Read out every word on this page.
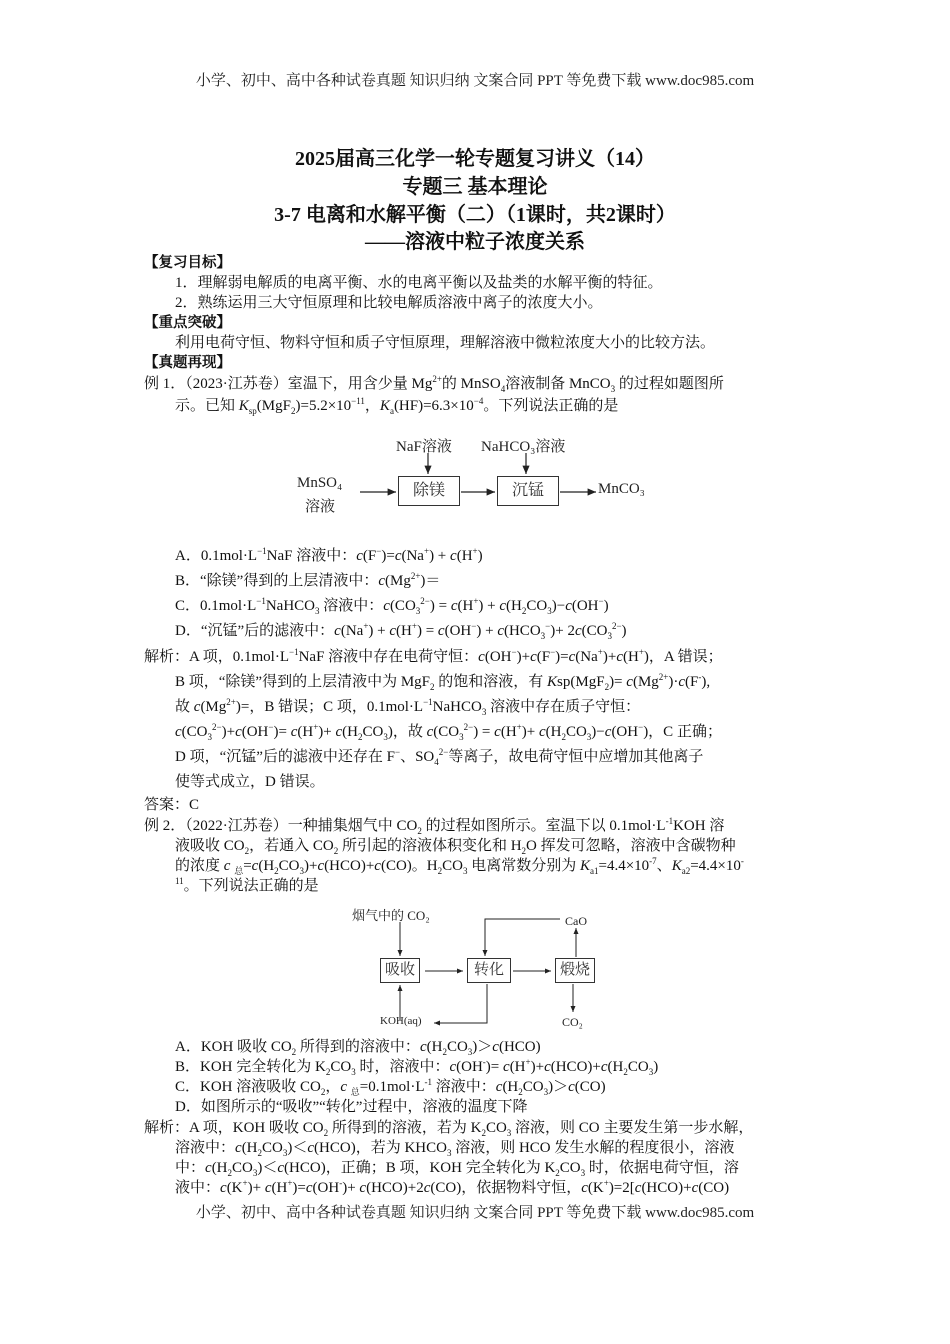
小学、初中、高中各种试卷真题 知识归纳 文案合同 PPT 等免费下载 www.doc985.com
2025届高三化学一轮专题复习讲义（14）
专题三 基本理论
3-7 电离和水解平衡（二）（1课时，共2课时）
——溶液中粒子浓度关系
【复习目标】
1．理解弱电解质的电离平衡、水的电离平衡以及盐类的水解平衡的特征。
2．熟练运用三大守恒原理和比较电解质溶液中离子的浓度大小。
【重点突破】
利用电荷守恒、物料守恒和质子守恒原理，理解溶液中微粒浓度大小的比较方法。
【真题再现】
例 1．（2023·江苏卷）室温下，用含少量 $Mg^{2+}$的 MnSO$_4$溶液制备 MnCO$_3$ 的过程如题图所
示。已知 $K_{sp}(MgF_2)=5.2\times 10^{-11}$，$K_a(HF)=6.3\times 10^{-4}$。下列说法正确的是
NaF溶液 NaHCO₃溶液
MnSO₄
溶液
除镁	沉锰	MnCO₃
A．$0.1mol\cdot L^{-1}NaF$ 溶液中：c(F−)=c(Na+) + c(H+)
B．“除镁”得到的上层清液中：$c(Mg^{2+})=$
C．$0.1mol\cdot L^{-1}NaHCO_3$ 溶液中：$c(CO_3^{2-}) = c(H^+) + c(H_2CO_3)-c(OH^-)$
D．“沉锰”后的滤液中：$c(Na^+) + c(H^+) = c(OH^-) + c(HCO_3^-)+ 2c(CO_3^{2-})$
解析：A 项，$0.1mol\cdot L^{-1}NaF$ 溶液中存在电荷守恒：c(OH−)+c(F−)=c(Na+)+c(H+)，A 错误；
B 项，“除镁”得到的上层清液中为 MgF$_2$ 的饱和溶液，有 $Ksp(MgF_2)= c(Mg^{2+})\cdot c(F^-)$,
故 $c(Mg^{2+})=$，B 错误；C 项，$0.1mol\cdot L^{-1}NaHCO_3$ 溶液中存在质子守恒：
$c(CO_3^{2-})+c(OH^-)= c(H^+)+ c(H_2CO_3)$，故 $c(CO_3^{2-}) = c(H^+)+ c(H_2CO_3)-c(OH^-)$，C 正确；
D 项，“沉锰”后的滤液中还存在 F−、$SO_4^{2-}$等离子，故电荷守恒中应增加其他离子
使等式成立，D 错误。
答案：C
例 2．（2022·江苏卷）一种捕集烟气中 $CO_2$ 的过程如图所示。室温下以 $0.1mol\cdot L^{-1}KOH$ 溶
液吸收 $CO_2$，若通入 $CO_2$ 所引起的溶液体积变化和 $H_2O$ 挥发可忽略，溶液中含碳物种
的浓度 c $_总=c(H_2CO_3)+c(HCO)+c(CO)$。$H_2CO_3$ 电离常数分别为 $K_{a1}=4.4\times 10^{-7}$、$K_{a2}=4.4\times 10^-$
$^{11}$。下列说法正确的是
烟气中的 CO₂
吸收	转化	煅烧
CaO
KOH(aq)	CO₂
A．KOH 吸收 $CO_2$ 所得到的溶液中：$c(H_2CO_3)>c(HCO)$
B．KOH 完全转化为 $K_2CO_3$ 时，溶液中：$c(OH^-)= c(H^+)+c(HCO)+c(H_2CO_3)$
C．KOH 溶液吸收 $CO_2$，c $_总=0.1mol\cdot L^{-1}$ 溶液中：$c(H_2CO_3)>c(CO)$
D．如图所示的“吸收”“转化”过程中，溶液的温度下降
解析：A 项，KOH 吸收 $CO_2$ 所得到的溶液，若为 $K_2CO_3$ 溶液，则 CO 主要发生第一步水解，
溶液中：$c(H_2CO_3)<c(HCO)$，若为 $KHCO_3$ 溶液，则 HCO 发生水解的程度很小，溶液
中：$c(H_2CO_3)<c(HCO)$，正确；B 项，KOH 完全转化为 $K_2CO_3$ 时，依据电荷守恒，溶
液中：c(K+)+ c(H+)=c(OH-)+ c(HCO)+2c(CO)，依据物料守恒，c(K+)=2[c(HCO)+c(CO)
小学、初中、高中各种试卷真题 知识归纳 文案合同 PPT 等免费下载 www.doc985.com
